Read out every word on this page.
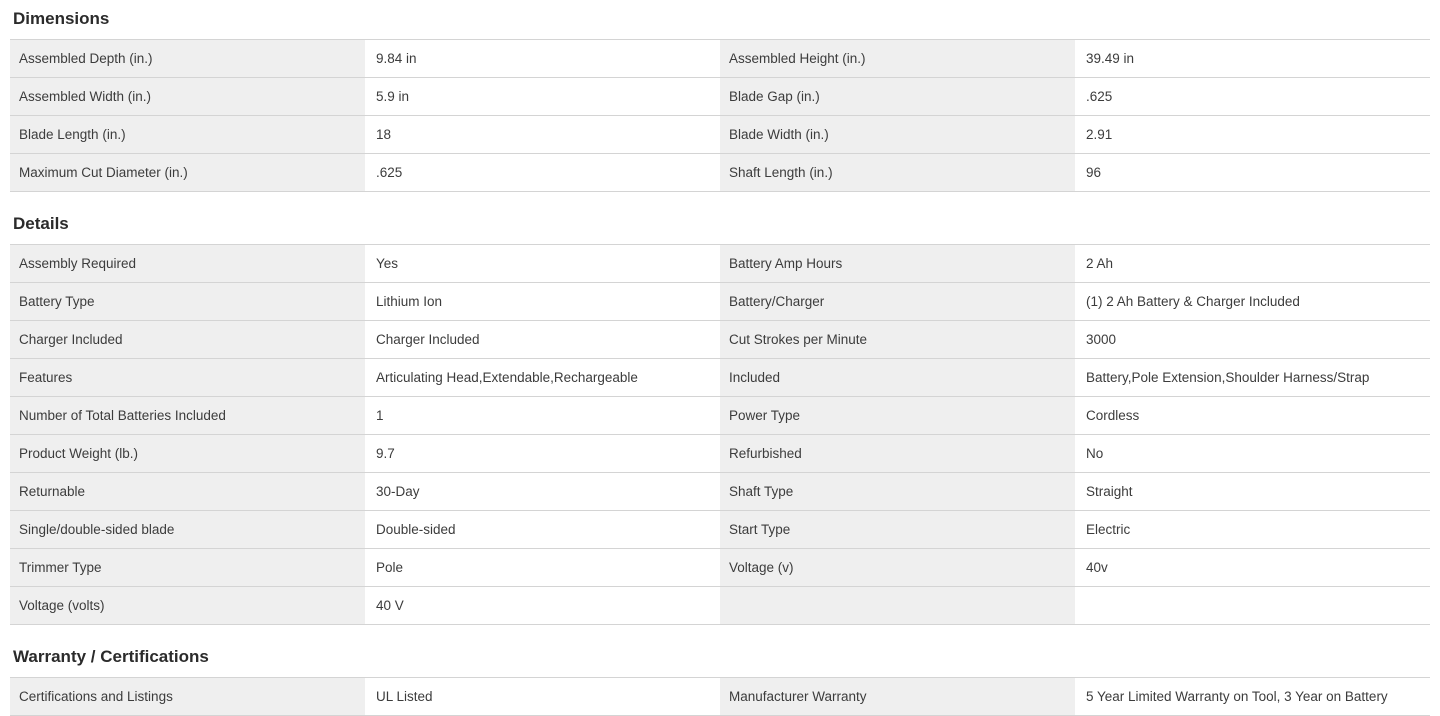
Dimensions
Assembled Depth (in.)	9.84 in	Assembled Height (in.)	39.49 in
Assembled Width (in.)	5.9 in	Blade Gap (in.)	.625
Blade Length (in.)	18	Blade Width (in.)	2.91
Maximum Cut Diameter (in.)	.625	Shaft Length (in.)	96
Details
Assembly Required	Yes	Battery Amp Hours	2 Ah
Battery Type	Lithium Ion	Battery/Charger	(1) 2 Ah Battery & Charger Included
Charger Included	Charger Included	Cut Strokes per Minute	3000
Features	Articulating Head,Extendable,Rechargeable	Included	Battery,Pole Extension,Shoulder Harness/Strap
Number of Total Batteries Included	1	Power Type	Cordless
Product Weight (lb.)	9.7	Refurbished	No
Returnable	30-Day	Shaft Type	Straight
Single/double-sided blade	Double-sided	Start Type	Electric
Trimmer Type	Pole	Voltage (v)	40v
Voltage (volts)	40 V
Warranty / Certifications
Certifications and Listings	UL Listed	Manufacturer Warranty	5 Year Limited Warranty on Tool, 3 Year on Battery
